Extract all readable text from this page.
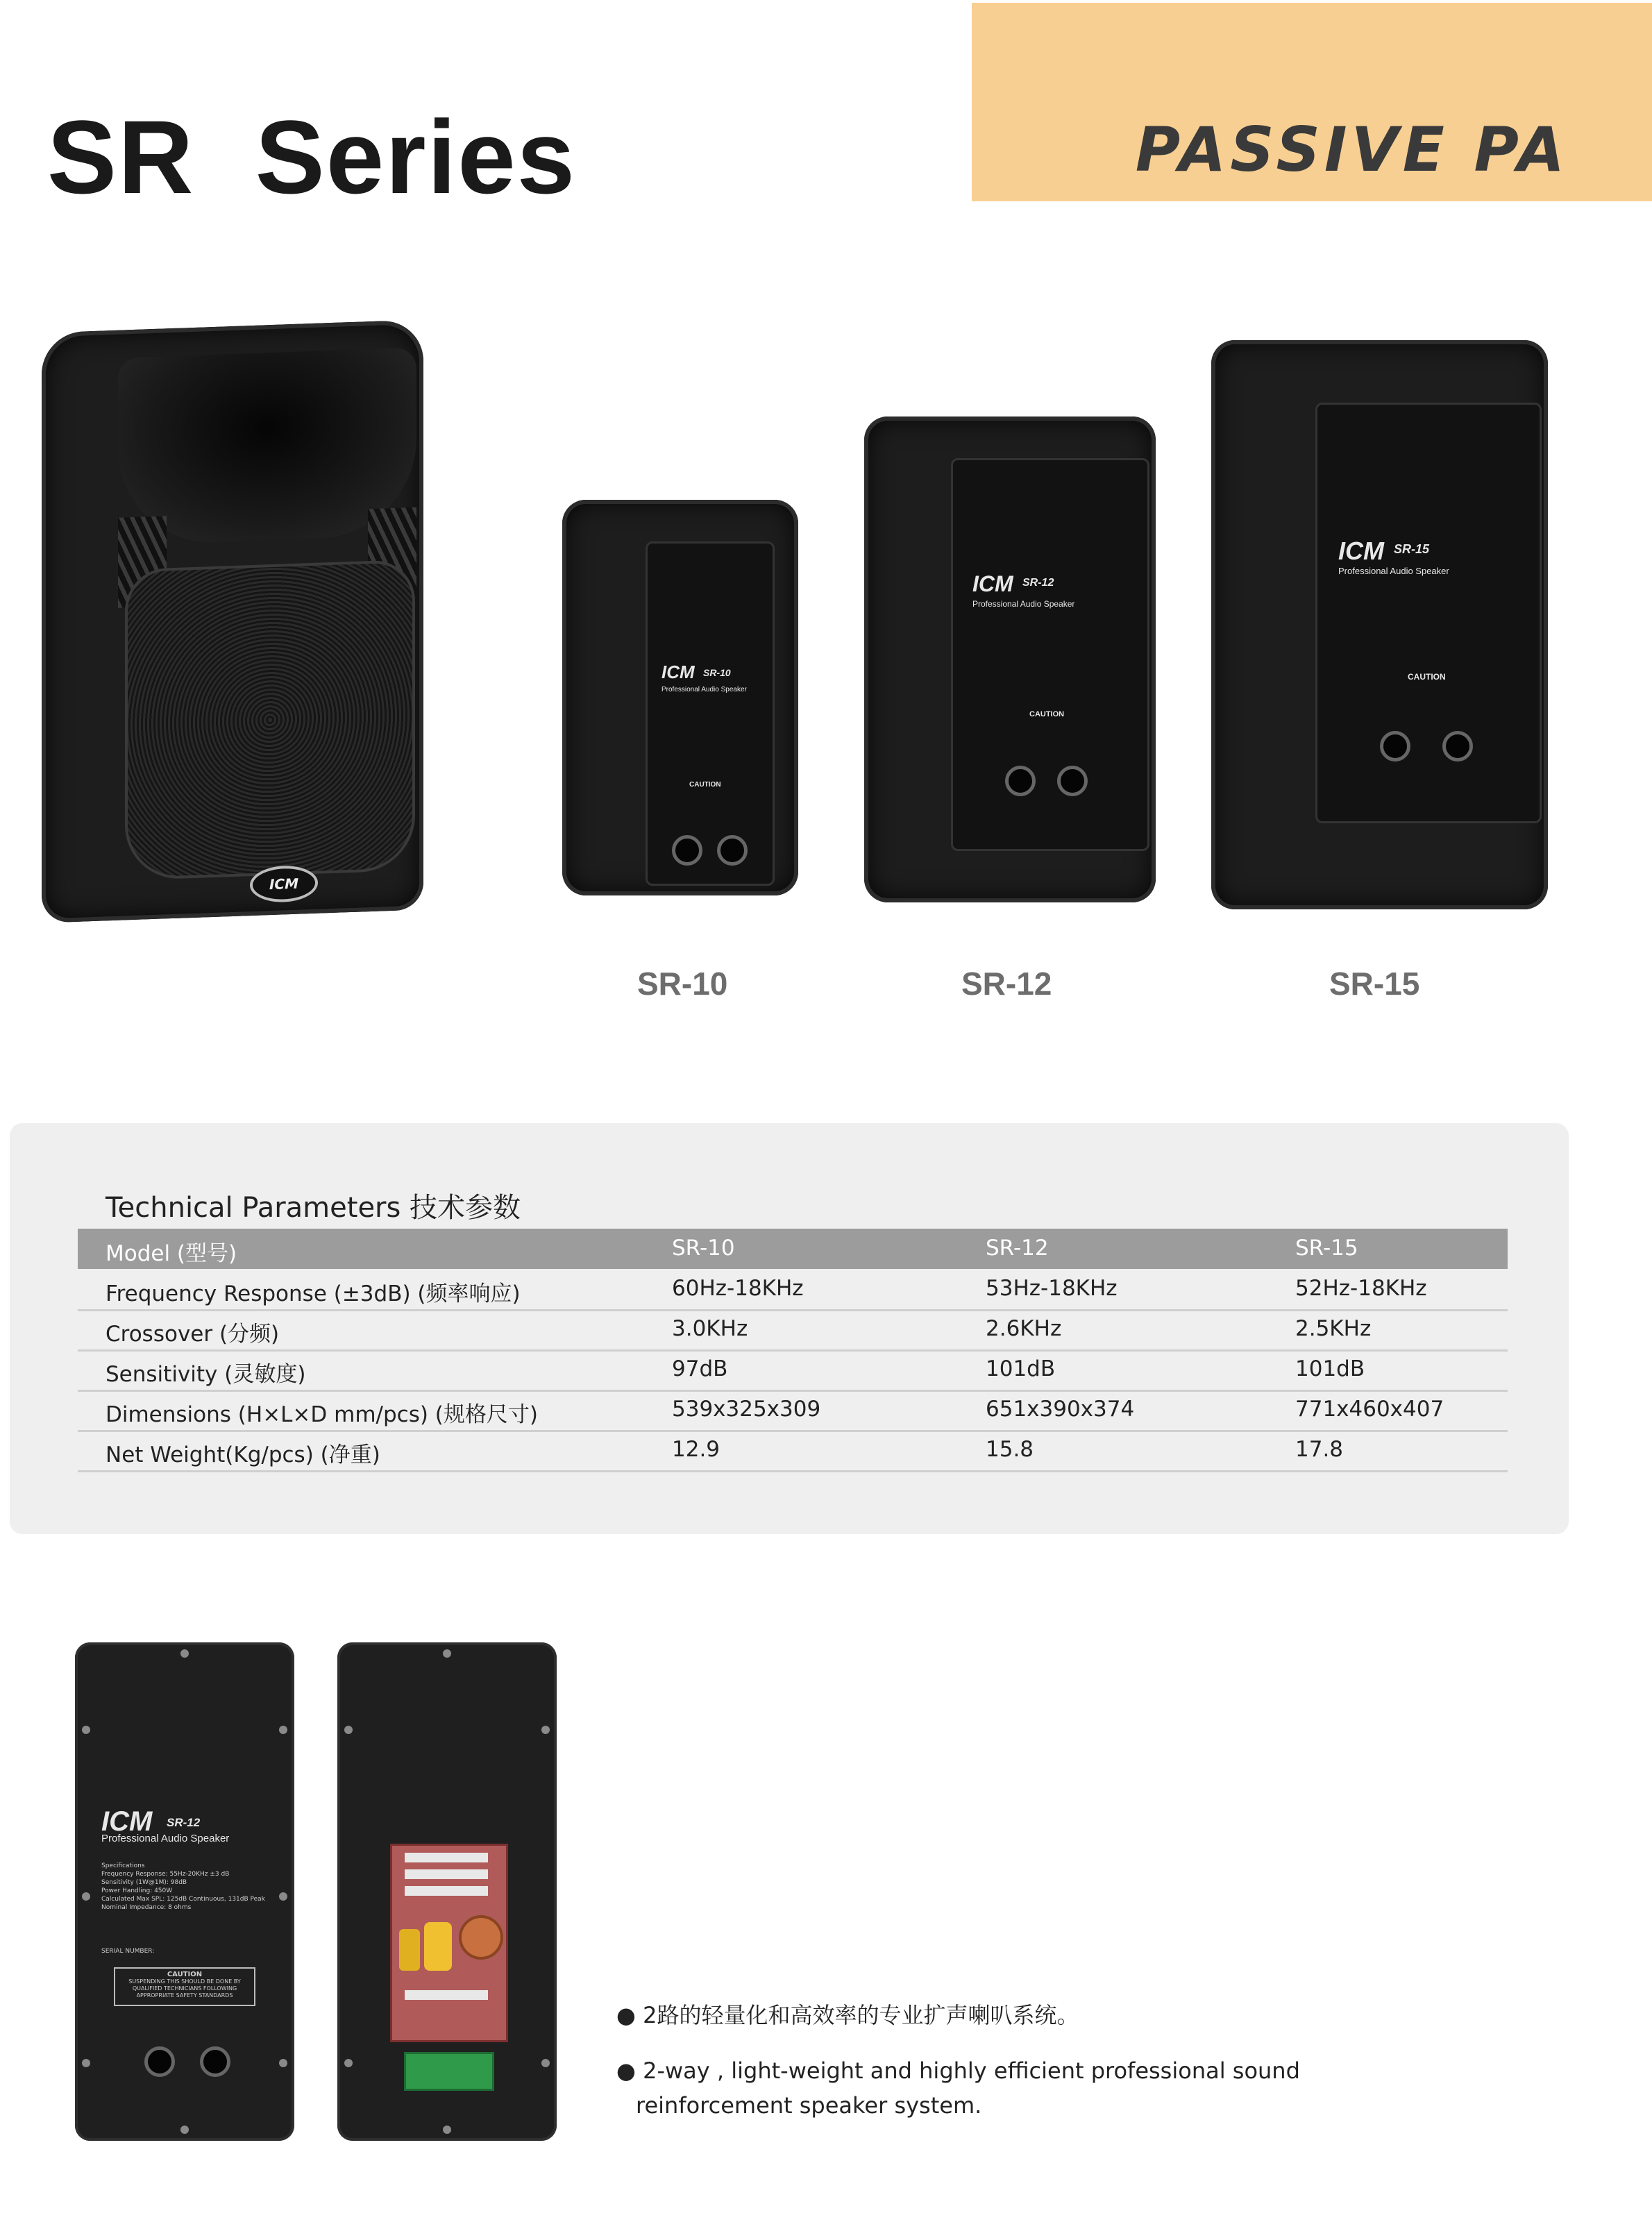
SR  Series	PASSIVE PA
ICM
ICM SR-10
Professional Audio Speaker
CAUTION
SR-10
ICM SR-12
Professional Audio Speaker
CAUTION
SR-12
ICM SR-15
Professional Audio Speaker
CAUTION
SR-15
Technical Parameters 技术参数
Model (型号)	SR-10	SR-12	SR-15
Frequency Response (±3dB) (频率响应)	60Hz-18KHz	53Hz-18KHz	52Hz-18KHz
Crossover (分频)	3.0KHz	2.6KHz	2.5KHz
Sensitivity (灵敏度)	97dB	101dB	101dB
Dimensions (H×L×D mm/pcs) (规格尺寸)	539x325x309	651x390x374	771x460x407
Net Weight(Kg/pcs) (净重)	12.9	15.8	17.8
ICM SR-12
Professional Audio Speaker
Specifications
Frequency Response: 55Hz-20KHz ±3 dB
Sensitivity (1W@1M): 98dB
Power Handling: 450W
Calculated Max SPL: 125dB Continuous, 131dB Peak
Nominal Impedance: 8 ohms
SERIAL NUMBER:
CAUTION
SUSPENDING THIS SHOULD BE DONE BY QUALIFIED TECHNICIANS FOLLOWING APPROPRIATE SAFETY STANDARDS
● 2路的轻量化和高效率的专业扩声喇叭系统。
● 2-way , light-weight and highly efficient professional sound reinforcement speaker system.
